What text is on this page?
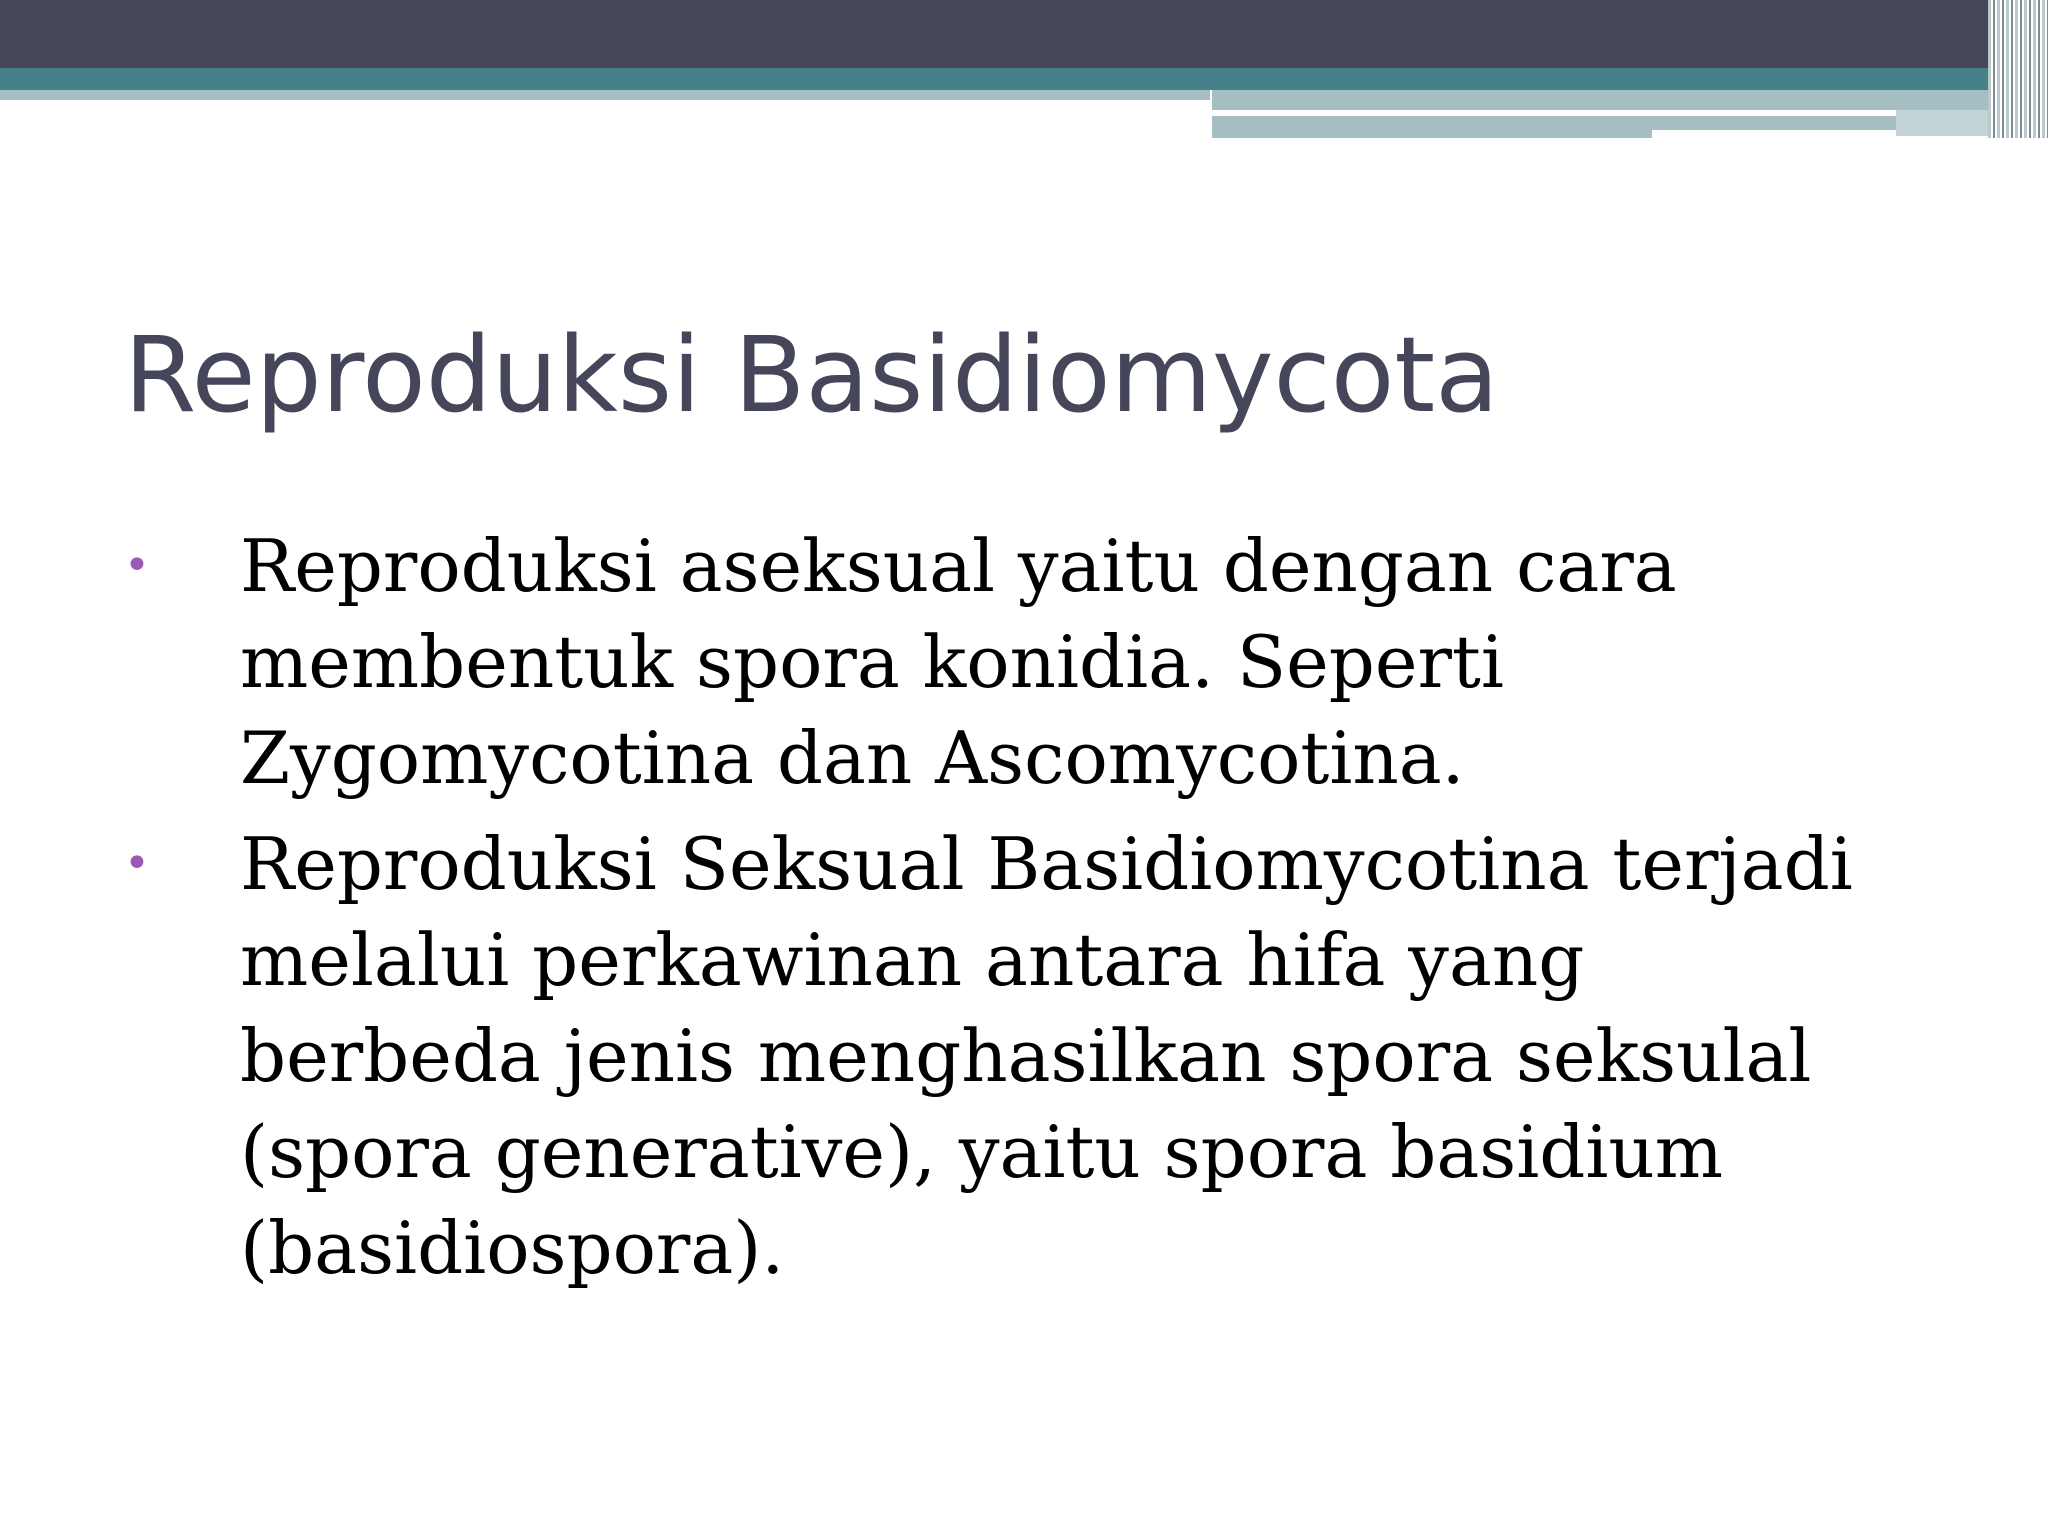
Reproduksi Basidiomycota
•	Reproduksi aseksual yaitu dengan cara membentuk spora konidia. Seperti Zygomycotina dan Ascomycotina.
•	Reproduksi Seksual Basidiomycotina terjadi melalui perkawinan antara hifa yang berbeda jenis menghasilkan spora seksulal (spora generative), yaitu spora basidium (basidiospora).
